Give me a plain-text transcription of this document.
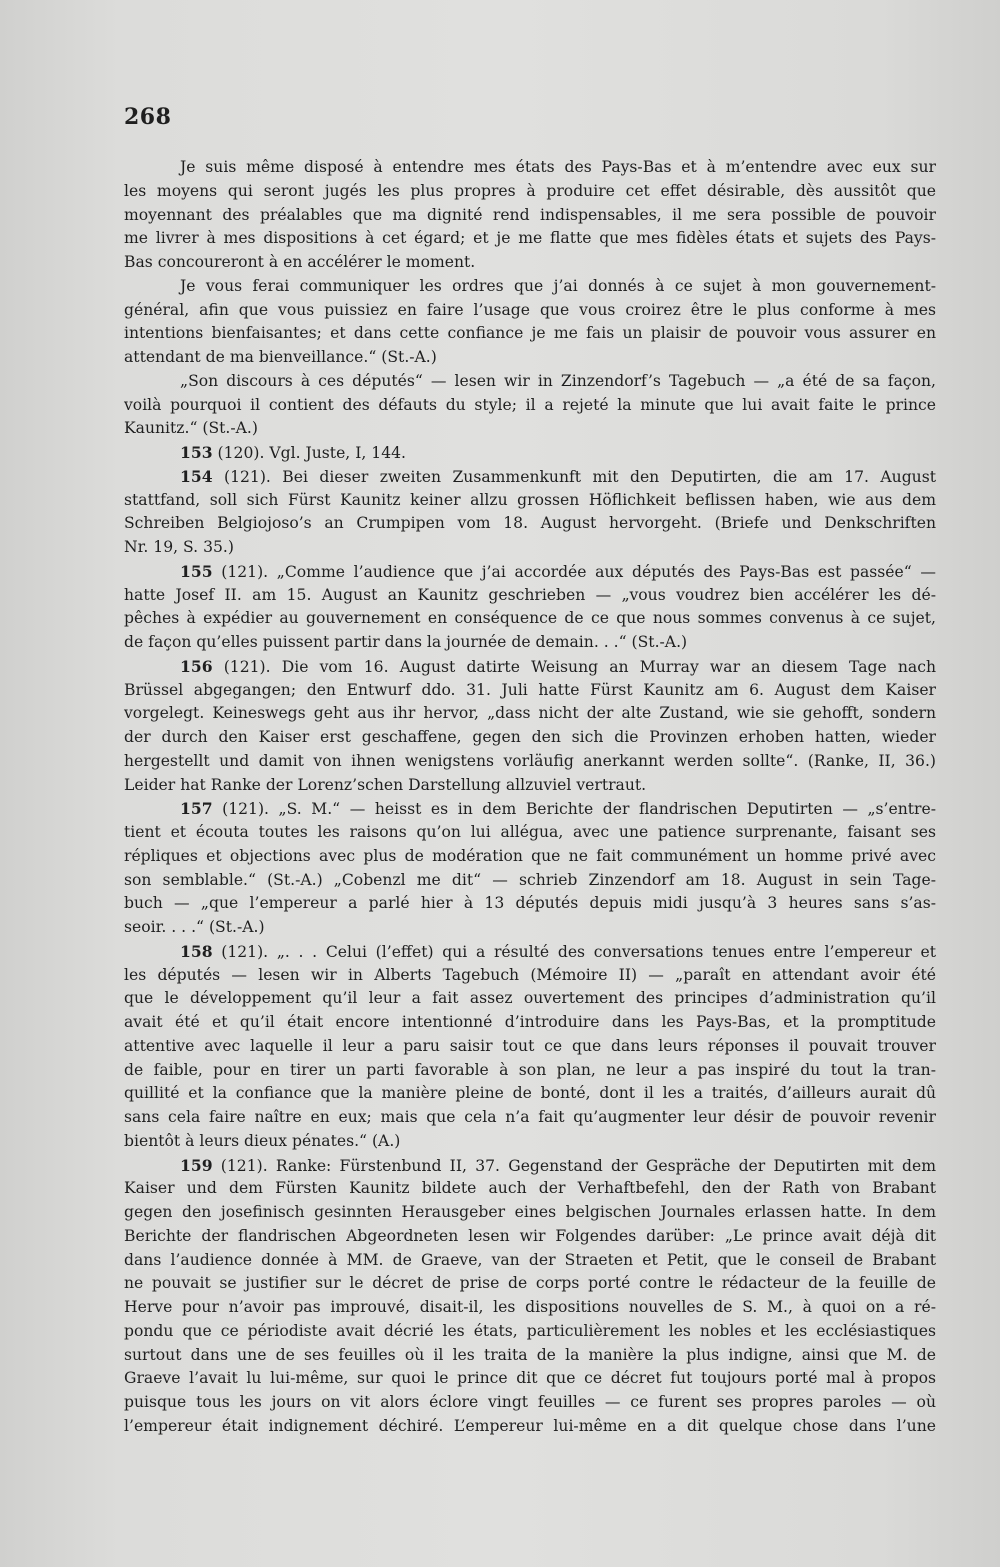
268
Je suis même disposé à entendre mes états des Pays-Bas et à m’entendre avec eux sur
les moyens qui seront jugés les plus propres à produire cet effet désirable, dès aussitôt que
moyennant des préalables que ma dignité rend indispensables, il me sera possible de pouvoir
me livrer à mes dispositions à cet égard; et je me flatte que mes fidèles états et sujets des Pays-
Bas concoureront à en accélérer le moment.
Je vous ferai communiquer les ordres que j’ai donnés à ce sujet à mon gouvernement-
général, afin que vous puissiez en faire l’usage que vous croirez être le plus conforme à mes
intentions bienfaisantes; et dans cette confiance je me fais un plaisir de pouvoir vous assurer en
attendant de ma bienveillance.“ (St.-A.)
„Son discours à ces députés“ — lesen wir in Zinzendorf’s Tagebuch — „a été de sa façon,
voilà pourquoi il contient des défauts du style; il a rejeté la minute que lui avait faite le prince
Kaunitz.“ (St.-A.)
153 (120). Vgl. Juste, I, 144.
154 (121). Bei dieser zweiten Zusammenkunft mit den Deputirten, die am 17. August
stattfand, soll sich Fürst Kaunitz keiner allzu grossen Höflichkeit beflissen haben, wie aus dem
Schreiben Belgiojoso’s an Crumpipen vom 18. August hervorgeht. (Briefe und Denkschriften
Nr. 19, S. 35.)
155 (121). „Comme l’audience que j’ai accordée aux députés des Pays-Bas est passée“ —
hatte Josef II. am 15. August an Kaunitz geschrieben — „vous voudrez bien accélérer les dé-
pêches à expédier au gouvernement en conséquence de ce que nous sommes convenus à ce sujet,
de façon qu’elles puissent partir dans la journée de demain. . .“ (St.-A.)
156 (121). Die vom 16. August datirte Weisung an Murray war an diesem Tage nach
Brüssel abgegangen; den Entwurf ddo. 31. Juli hatte Fürst Kaunitz am 6. August dem Kaiser
vorgelegt. Keineswegs geht aus ihr hervor, „dass nicht der alte Zustand, wie sie gehofft, sondern
der durch den Kaiser erst geschaffene, gegen den sich die Provinzen erhoben hatten, wieder
hergestellt und damit von ihnen wenigstens vorläufig anerkannt werden sollte“. (Ranke, II, 36.)
Leider hat Ranke der Lorenz’schen Darstellung allzuviel vertraut.
157 (121). „S. M.“ — heisst es in dem Berichte der flandrischen Deputirten — „s’entre-
tient et écouta toutes les raisons qu’on lui allégua, avec une patience surprenante, faisant ses
répliques et objections avec plus de modération que ne fait communément un homme privé avec
son semblable.“ (St.-A.) „Cobenzl me dit“ — schrieb Zinzendorf am 18. August in sein Tage-
buch — „que l’empereur a parlé hier à 13 députés depuis midi jusqu’à 3 heures sans s’as-
seoir. . . .“ (St.-A.)
158 (121). „. . . Celui (l’effet) qui a résulté des conversations tenues entre l’empereur et
les députés — lesen wir in Alberts Tagebuch (Mémoire II) — „paraît en attendant avoir été
que le développement qu’il leur a fait assez ouvertement des principes d’administration qu’il
avait été et qu’il était encore intentionné d’introduire dans les Pays-Bas, et la promptitude
attentive avec laquelle il leur a paru saisir tout ce que dans leurs réponses il pouvait trouver
de faible, pour en tirer un parti favorable à son plan, ne leur a pas inspiré du tout la tran-
quillité et la confiance que la manière pleine de bonté, dont il les a traités, d’ailleurs aurait dû
sans cela faire naître en eux; mais que cela n’a fait qu’augmenter leur désir de pouvoir revenir
bientôt à leurs dieux pénates.“ (A.)
159 (121). Ranke: Fürstenbund II, 37. Gegenstand der Gespräche der Deputirten mit dem
Kaiser und dem Fürsten Kaunitz bildete auch der Verhaftbefehl, den der Rath von Brabant
gegen den josefinisch gesinnten Herausgeber eines belgischen Journales erlassen hatte. In dem
Berichte der flandrischen Abgeordneten lesen wir Folgendes darüber: „Le prince avait déjà dit
dans l’audience donnée à MM. de Graeve, van der Straeten et Petit, que le conseil de Brabant
ne pouvait se justifier sur le décret de prise de corps porté contre le rédacteur de la feuille de
Herve pour n’avoir pas improuvé, disait-il, les dispositions nouvelles de S. M., à quoi on a ré-
pondu que ce périodiste avait décrié les états, particulièrement les nobles et les ecclésiastiques
surtout dans une de ses feuilles où il les traita de la manière la plus indigne, ainsi que M. de
Graeve l’avait lu lui-même, sur quoi le prince dit que ce décret fut toujours porté mal à propos
puisque tous les jours on vit alors éclore vingt feuilles — ce furent ses propres paroles — où
l’empereur était indignement déchiré. L’empereur lui-même en a dit quelque chose dans l’une
